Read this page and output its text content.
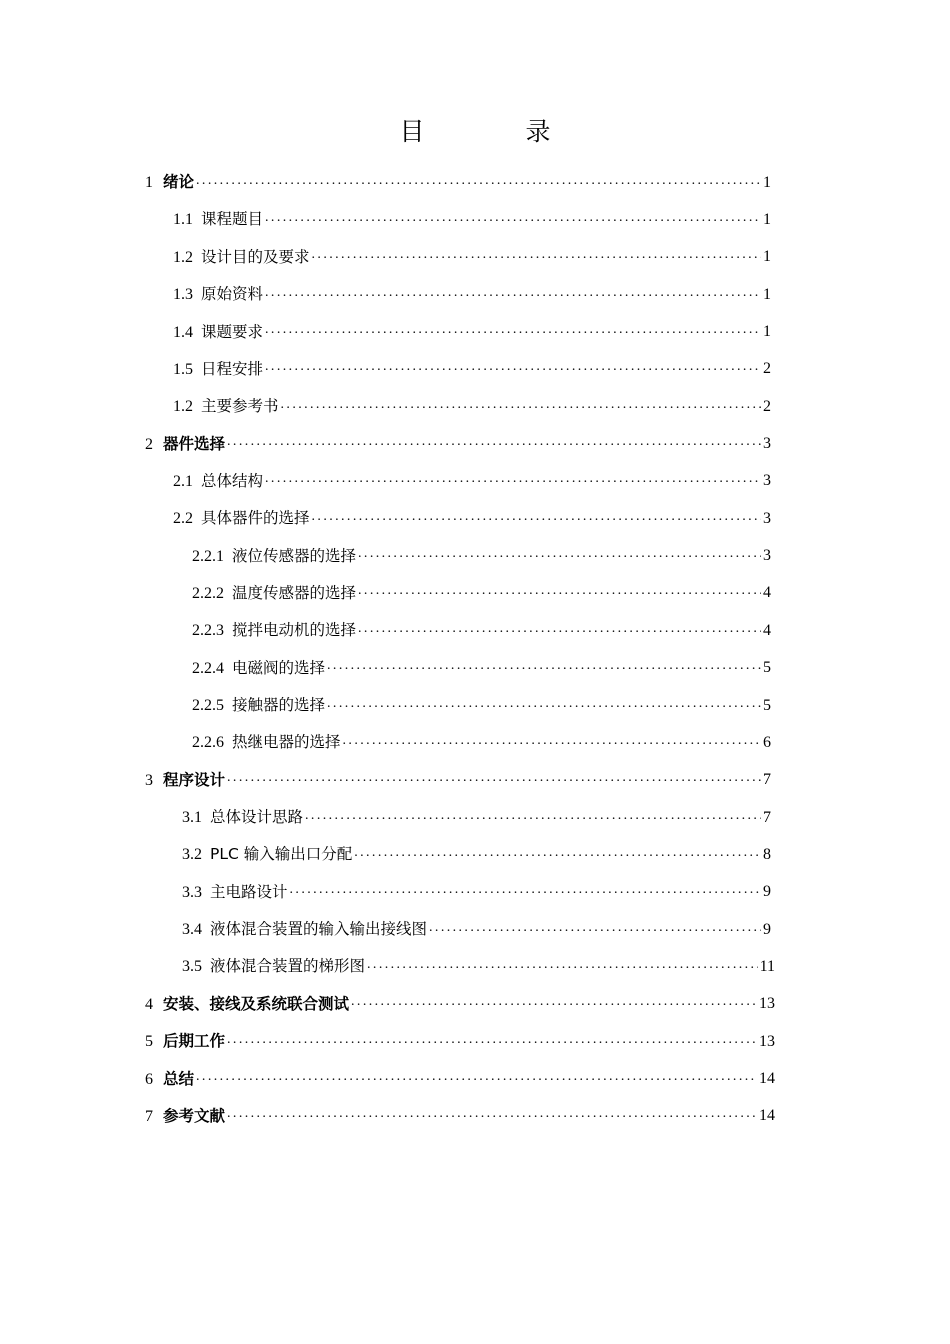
目　录
1 绪论 .....	1
1.1 课程题目 .....	1
1.2 设计目的及要求 .....	1
1.3 原始资料 .....	1
1.4 课题要求 .....	1
1.5 日程安排 .....	2
1.2 主要参考书 .....	2
2 器件选择 .....	3
2.1 总体结构 .....	3
2.2 具体器件的选择 .....	3
2.2.1 液位传感器的选择 .....	3
2.2.2 温度传感器的选择 .....	4
2.2.3 搅拌电动机的选择 .....	4
2.2.4 电磁阀的选择 .....	5
2.2.5 接触器的选择 .....	5
2.2.6 热继电器的选择 .....	6
3 程序设计 .....	7
3.1 总体设计思路 .....	7
3.2 PLC 输入输出口分配 .....	8
3.3 主电路设计 .....	9
3.4 液体混合装置的输入输出接线图 .....	9
3.5 液体混合装置的梯形图 .....	11
4 安装、接线及系统联合测试 .....	13
5 后期工作 .....	13
6 总结 .....	14
7 参考文献 .....	14
